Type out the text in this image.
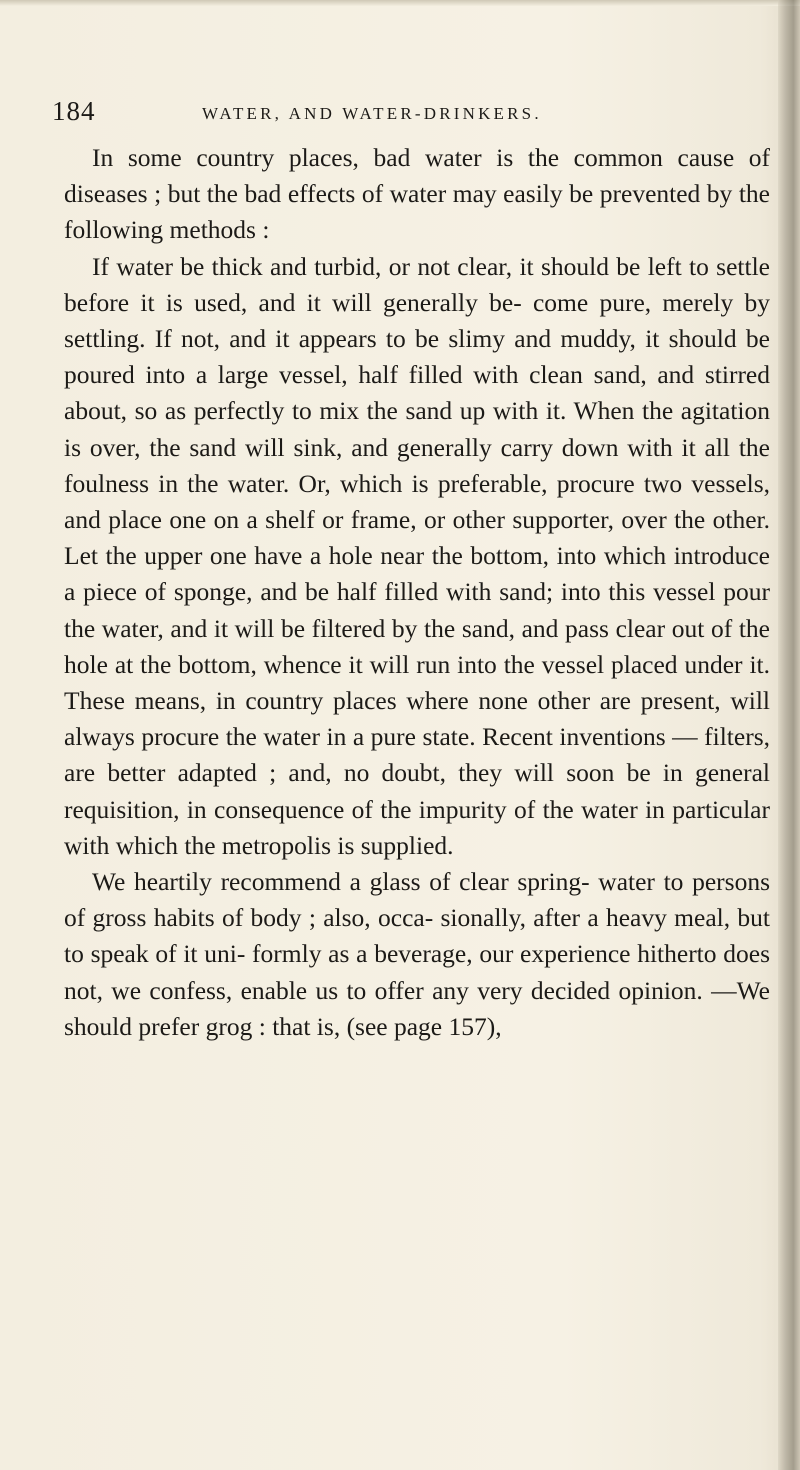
184	WATER, AND WATER-DRINKERS.

In some country places, bad water is the common cause of diseases ; but the bad effects of water may easily be prevented by the following methods :

If water be thick and turbid, or not clear, it should be left to settle before it is used, and it will generally be- come pure, merely by settling. If not, and it appears to be slimy and muddy, it should be poured into a large vessel, half filled with clean sand, and stirred about, so as perfectly to mix the sand up with it. When the agitation is over, the sand will sink, and generally carry down with it all the foulness in the water. Or, which is preferable, procure two vessels, and place one on a shelf or frame, or other supporter, over the other. Let the upper one have a hole near the bottom, into which introduce a piece of sponge, and be half filled with sand; into this vessel pour the water, and it will be filtered by the sand, and pass clear out of the hole at the bottom, whence it will run into the vessel placed under it. These means, in country places where none other are present, will always procure the water in a pure state. Recent inventions — filters, are better adapted ; and, no doubt, they will soon be in general requisition, in consequence of the impurity of the water in particular with which the metropolis is supplied.

We heartily recommend a glass of clear spring- water to persons of gross habits of body ; also, occa- sionally, after a heavy meal, but to speak of it uni- formly as a beverage, our experience hitherto does not, we confess, enable us to offer any very decided opinion. —We should prefer grog : that is, (see page 157),
